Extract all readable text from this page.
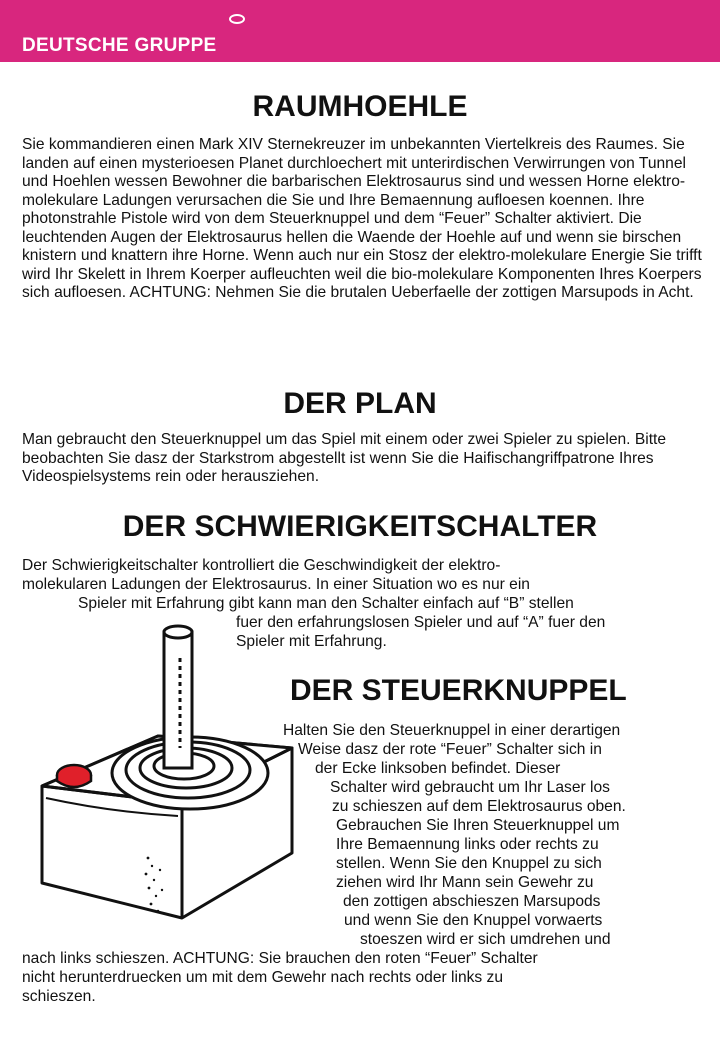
DEUTSCHE GRUPPE
RAUMHOEHLE

Sie kommandieren einen Mark XIV Sternekreuzer im unbekannten Viertelkreis des Raumes. Sie landen auf einen mysterioesen Planet durchloechert mit unterirdischen Verwirrungen von Tunnel und Hoehlen wessen Bewohner die barbarischen Elektrosaurus sind und wessen Horne elektro-molekulare Ladungen verursachen die Sie und Ihre Bemaennung aufloesen koennen. Ihre photonstrahle Pistole wird von dem Steuerknuppel und dem “Feuer” Schalter aktiviert. Die leuchtenden Augen der Elektrosaurus hellen die Waende der Hoehle auf und wenn sie birschen knistern und knattern ihre Horne. Wenn auch nur ein Stosz der elektro-molekulare Energie Sie trifft wird Ihr Skelett in Ihrem Koerper aufleuchten weil die bio-molekulare Komponenten Ihres Koerpers sich aufloesen. ACHTUNG: Nehmen Sie die brutalen Ueberfaelle der zottigen Marsupods in Acht.

DER PLAN

Man gebraucht den Steuerknuppel um das Spiel mit einem oder zwei Spieler zu spielen. Bitte beobachten Sie dasz der Starkstrom abgestellt ist wenn Sie die Haifischangriffpatrone Ihres Videospielsystems rein oder herausziehen.

DER SCHWIERIGKEITSCHALTER
Der Schwierigkeitschalter kontrolliert die Geschwindigkeit der elektro-
molekularen Ladungen der Elektrosaurus. In einer Situation wo es nur ein
Spieler mit Erfahrung gibt kann man den Schalter einfach auf “B” stellen
fuer den erfahrungslosen Spieler und auf “A” fuer den
Spieler mit Erfahrung.
DER STEUERKNUPPEL
Halten Sie den Steuerknuppel in einer derartigen
Weise dasz der rote “Feuer” Schalter sich in
der Ecke linksoben befindet. Dieser
Schalter wird gebraucht um Ihr Laser los
zu schieszen auf dem Elektrosaurus oben.
Gebrauchen Sie Ihren Steuerknuppel um
Ihre Bemaennung links oder rechts zu
stellen. Wenn Sie den Knuppel zu sich
ziehen wird Ihr Mann sein Gewehr zu
den zottigen abschieszen Marsupods
und wenn Sie den Knuppel vorwaerts
stoeszen wird er sich umdrehen und
nach links schieszen. ACHTUNG: Sie brauchen den roten “Feuer” Schalter
nicht herunterdruecken um mit dem Gewehr nach rechts oder links zu
schieszen.
